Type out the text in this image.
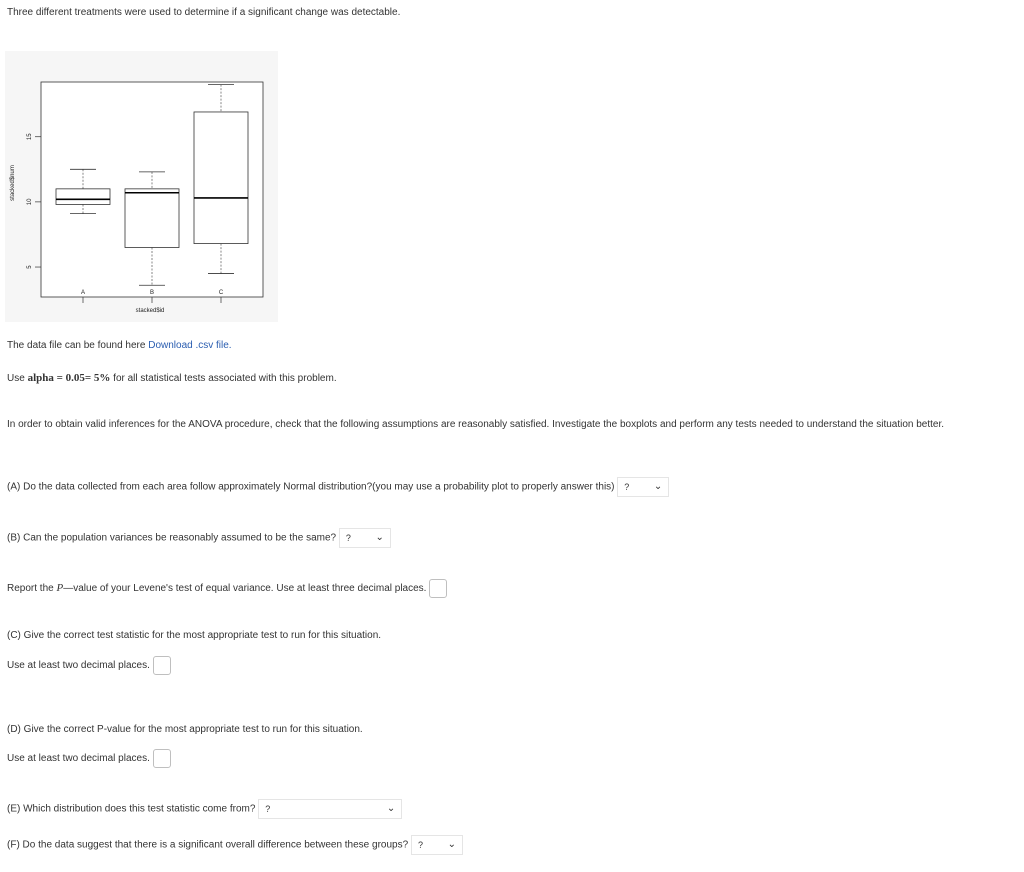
Three different treatments were used to determine if a significant change was detectable.
5
10
15
A	B	C
stacked$num
stacked$id
The data file can be found here Download .csv file.
Use alpha = 0.05= 5% for all statistical tests associated with this problem.
In order to obtain valid inferences for the ANOVA procedure, check that the following assumptions are reasonably satisfied. Investigate the boxplots and perform any tests needed to understand the situation better.
(A) Do the data collected from each area follow approximately Normal distribution?(you may use a probability plot to properly answer this) ? ⌄
(B) Can the population variances be reasonably assumed to be the same? ? ⌄
Report the P—value of your Levene's test of equal variance. Use at least three decimal places.
(C) Give the correct test statistic for the most appropriate test to run for this situation.
Use at least two decimal places.
(D) Give the correct P-value for the most appropriate test to run for this situation.
Use at least two decimal places.
(E) Which distribution does this test statistic come from? ?	⌄
(F) Do the data suggest that there is a significant overall difference between these groups? ? ⌄
